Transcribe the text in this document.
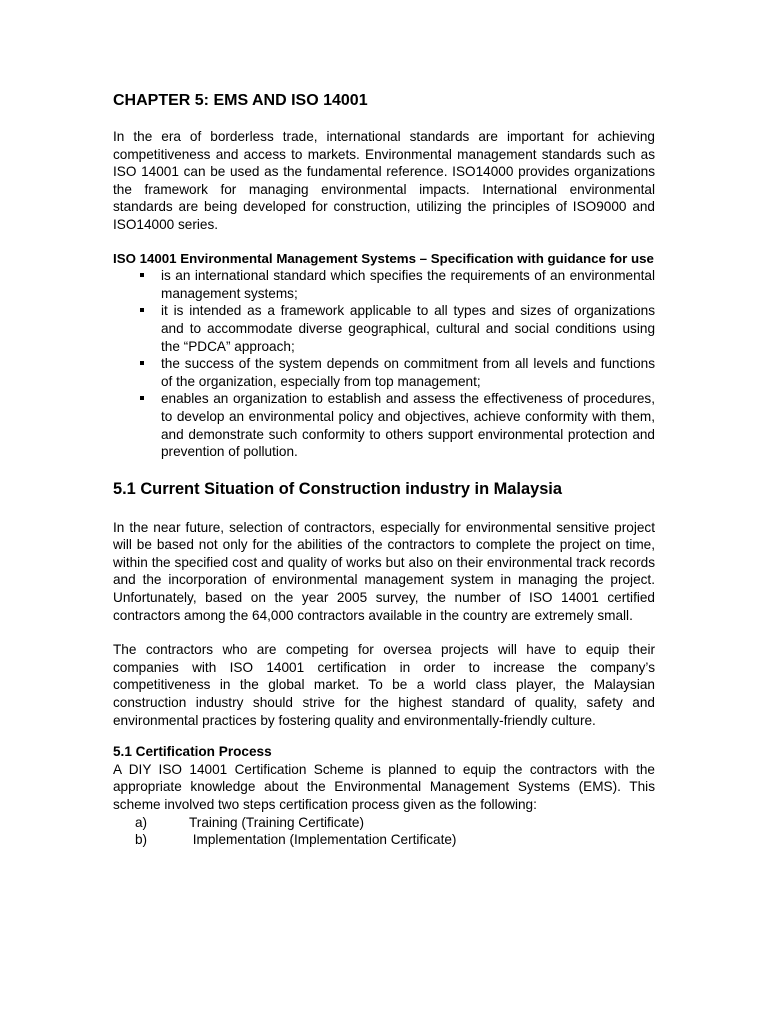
CHAPTER 5: EMS AND ISO 14001

In the era of borderless trade, international standards are important for achieving competitiveness and access to markets. Environmental management standards such as ISO 14001 can be used as the fundamental reference. ISO14000 provides organizations the framework for managing environmental impacts. International environmental standards are being developed for construction, utilizing the principles of ISO9000 and ISO14000 series.

ISO 14001 Environmental Management Systems – Specification with guidance for use
is an international standard which specifies the requirements of an environmental management systems;
it is intended as a framework applicable to all types and sizes of organizations and to accommodate diverse geographical, cultural and social conditions using the “PDCA” approach;
the success of the system depends on commitment from all levels and functions of the organization, especially from top management;
enables an organization to establish and assess the effectiveness of procedures, to develop an environmental policy and objectives, achieve conformity with them, and demonstrate such conformity to others support environmental protection and prevention of pollution.
5.1 Current Situation of Construction industry in Malaysia

In the near future, selection of contractors, especially for environmental sensitive project will be based not only for the abilities of the contractors to complete the project on time, within the specified cost and quality of works but also on their environmental track records and the incorporation of environmental management system in managing the project. Unfortunately, based on the year 2005 survey, the number of ISO 14001 certified contractors among the 64,000 contractors available in the country are extremely small.

The contractors who are competing for oversea projects will have to equip their companies with ISO 14001 certification in order to increase the company’s competitiveness in the global market. To be a world class player, the Malaysian construction industry should strive for the highest standard of quality, safety and environmental practices by fostering quality and environmentally-friendly culture.

5.1 Certification Process

A DIY ISO 14001 Certification Scheme is planned to equip the contractors with the appropriate knowledge about the Environmental Management Systems (EMS). This scheme involved two steps certification process given as the following:

a)	Training (Training Certificate)
b)	Implementation (Implementation Certificate)
